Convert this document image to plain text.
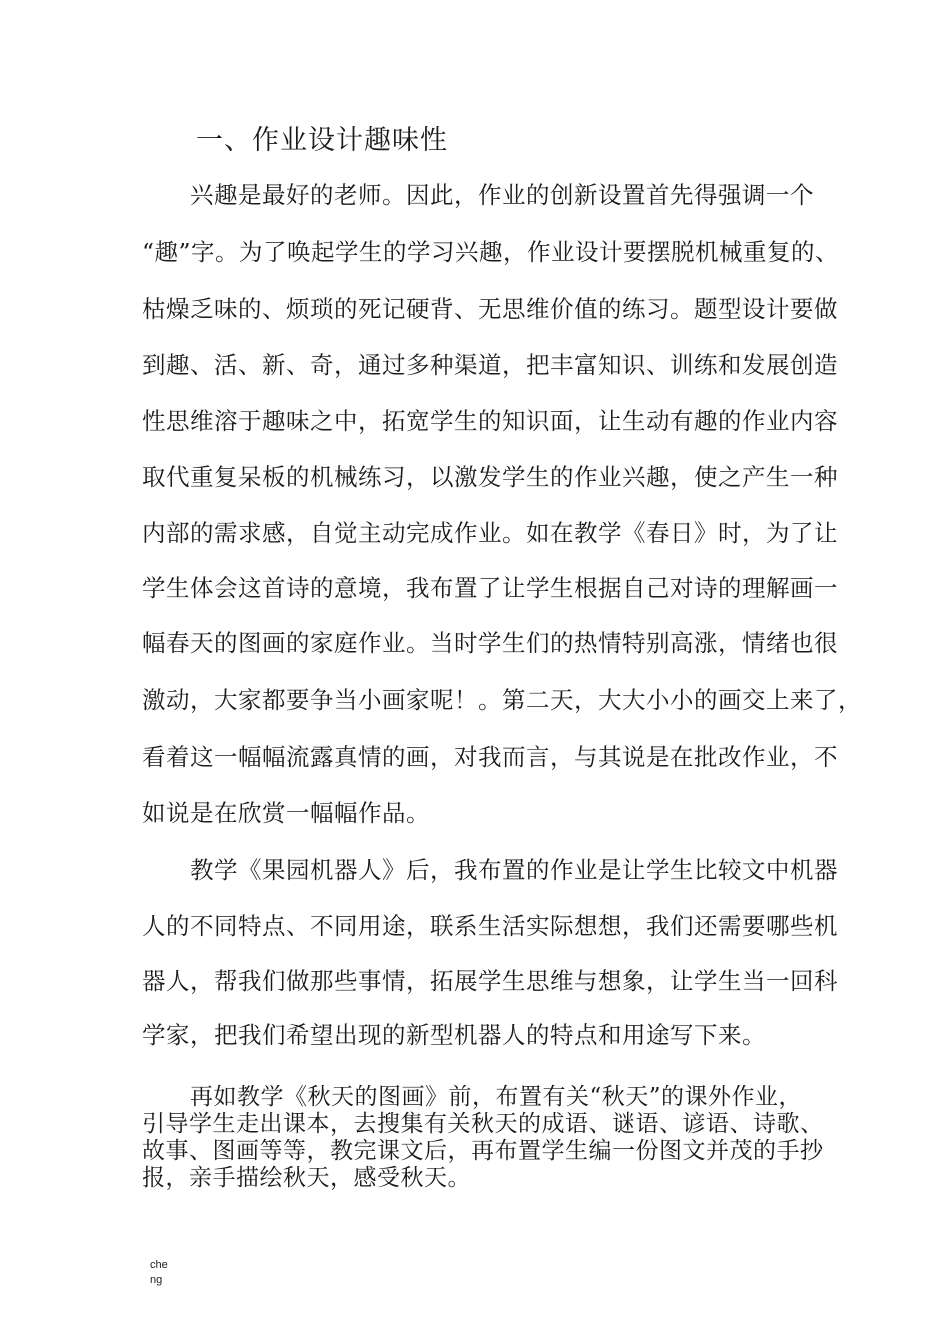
一、作业设计趣味性
兴趣是最好的老师。因此，作业的创新设置首先得强调一个
“趣”字。为了唤起学生的学习兴趣，作业设计要摆脱机械重复的、
枯燥乏味的、烦琐的死记硬背、无思维价值的练习。题型设计要做
到趣、活、新、奇，通过多种渠道，把丰富知识、训练和发展创造
性思维溶于趣味之中，拓宽学生的知识面，让生动有趣的作业内容
取代重复呆板的机械练习，以激发学生的作业兴趣，使之产生一种
内部的需求感，自觉主动完成作业。如在教学《春日》时，为了让
学生体会这首诗的意境，我布置了让学生根据自己对诗的理解画一
幅春天的图画的家庭作业。当时学生们的热情特别高涨，情绪也很
激动，大家都要争当小画家呢！。第二天，大大小小的画交上来了，
看着这一幅幅流露真情的画，对我而言，与其说是在批改作业，不
如说是在欣赏一幅幅作品。
教学《果园机器人》后，我布置的作业是让学生比较文中机器
人的不同特点、不同用途，联系生活实际想想，我们还需要哪些机
器人，帮我们做那些事情，拓展学生思维与想象，让学生当一回科
学家，把我们希望出现的新型机器人的特点和用途写下来。
再如教学《秋天的图画》前，布置有关“秋天”的课外作业，
引导学生走出课本，去搜集有关秋天的成语、谜语、谚语、诗歌、
故事、图画等等，教完课文后，再布置学生编一份图文并茂的手抄
报，亲手描绘秋天，感受秋天。
che
ng
